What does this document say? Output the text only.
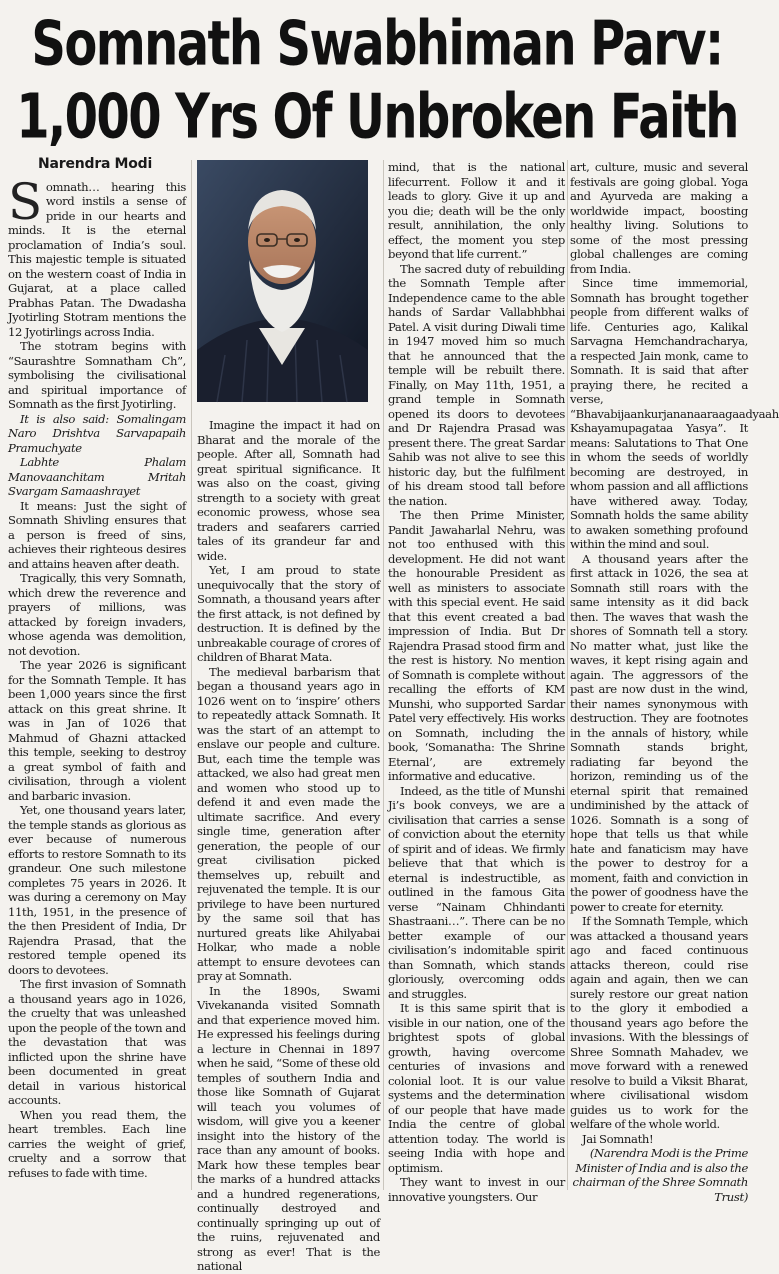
Somnath Swabhiman Parv:
1,000 Yrs Of Unbroken Faith
Narendra Modi

Somnath… hearing this word instils a sense of pride in our hearts and minds. It is the eternal proclamation of India’s soul. This majestic temple is situated on the western coast of India in Gujarat, at a place called Prabhas Patan. The Dwadasha Jyotirling Stotram mentions the 12 Jyotirlings across India.

The stotram begins with “Saurashtre Somnatham Ch”, symbolising the civilisational and spiritual importance of Somnath as the first Jyotirling.

It is also said: Somalingam Naro Drishtva Sarvapapaih Pramuchyate

Labhte Phalam Manovaanchitam Mritah Svargam Samaashrayet

It means: Just the sight of Somnath Shivling ensures that a person is freed of sins, achieves their righteous desires and attains heaven after death.

Tragically, this very Somnath, which drew the reverence and prayers of millions, was attacked by foreign invaders, whose agenda was demolition, not devotion.

The year 2026 is significant for the Somnath Temple. It has been 1,000 years since the first attack on this great shrine. It was in Jan of 1026 that Mahmud of Ghazni attacked this temple, seeking to destroy a great symbol of faith and civilisation, through a violent and barbaric invasion.

Yet, one thousand years later, the temple stands as glorious as ever because of numerous efforts to restore Somnath to its grandeur. One such milestone completes 75 years in 2026. It was during a ceremony on May 11th, 1951, in the presence of the then President of India, Dr Rajendra Prasad, that the restored temple opened its doors to devotees.

The first invasion of Somnath a thousand years ago in 1026, the cruelty that was unleashed upon the people of the town and the devastation that was inflicted upon the shrine have been documented in great detail in various historical accounts.

When you read them, the heart trembles. Each line carries the weight of grief, cruelty and a sorrow that refuses to fade with time.

Imagine the impact it had on Bharat and the morale of the people. After all, Somnath had great spiritual significance. It was also on the coast, giving strength to a society with great economic prowess, whose sea traders and seafarers carried tales of its grandeur far and wide.

Yet, I am proud to state unequivocally that the story of Somnath, a thousand years after the first attack, is not defined by destruction. It is defined by the unbreakable courage of crores of children of Bharat Mata.

The medieval barbarism that began a thousand years ago in 1026 went on to ‘inspire’ others to repeatedly attack Somnath. It was the start of an attempt to enslave our people and culture. But, each time the temple was attacked, we also had great men and women who stood up to defend it and even made the ultimate sacrifice. And every single time, generation after generation, the people of our great civilisation picked themselves up, rebuilt and rejuvenated the temple. It is our privilege to have been nurtured by the same soil that has nurtured greats like Ahilyabai Holkar, who made a noble attempt to ensure devotees can pray at Somnath.

In the 1890s, Swami Vivekananda visited Somnath and that experience moved him. He expressed his feelings during a lecture in Chennai in 1897 when he said, “Some of these old temples of southern India and those like Somnath of Gujarat will teach you volumes of wisdom, will give you a keener insight into the history of the race than any amount of books. Mark how these temples bear the marks of a hundred attacks and a hundred regenerations, continually destroyed and continually springing up out of the ruins, rejuvenated and strong as ever! That is the national

mind, that is the national lifecurrent. Follow it and it leads to glory. Give it up and you die; death will be the only result, annihilation, the only effect, the moment you step beyond that life current.”

The sacred duty of rebuilding the Somnath Temple after Independence came to the able hands of Sardar Vallabhbhai Patel. A visit during Diwali time in 1947 moved him so much that he announced that the temple will be rebuilt there. Finally, on May 11th, 1951, a grand temple in Somnath opened its doors to devotees and Dr Rajendra Prasad was present there. The great Sardar Sahib was not alive to see this historic day, but the fulfilment of his dream stood tall before the nation.

The then Prime Minister, Pandit Jawaharlal Nehru, was not too enthused with this development. He did not want the honourable President as well as ministers to associate with this special event. He said that this event created a bad impression of India. But Dr Rajendra Prasad stood firm and the rest is history. No mention of Somnath is complete without recalling the efforts of KM Munshi, who supported Sardar Patel very effectively. His works on Somnath, including the book, ‘Somanatha: The Shrine Eternal’, are extremely informative and educative.

Indeed, as the title of Munshi Ji’s book conveys, we are a civilisation that carries a sense of conviction about the eternity of spirit and of ideas. We firmly believe that that which is eternal is indestructible, as outlined in the famous Gita verse “Nainam Chhindanti Shastraani…”. There can be no better example of our civilisation’s indomitable spirit than Somnath, which stands gloriously, overcoming odds and struggles.

It is this same spirit that is visible in our nation, one of the brightest spots of global growth, having overcome centuries of invasions and colonial loot. It is our value systems and the determination of our people that have made India the centre of global attention today. The world is seeing India with hope and optimism.

They want to invest in our innovative youngsters. Our

art, culture, music and several festivals are going global. Yoga and Ayurveda are making a worldwide impact, boosting healthy living. Solutions to some of the most pressing global challenges are coming from India.

Since time immemorial, Somnath has brought together people from different walks of life. Centuries ago, Kalikal Sarvagna Hemchandracharya, a respected Jain monk, came to Somnath. It is said that after praying there, he recited a verse, “Bhavabijaankurjananaaraagaadyaah Kshayamupagataa Yasya”. It means: Salutations to That One in whom the seeds of worldly becoming are destroyed, in whom passion and all afflictions have withered away. Today, Somnath holds the same ability to awaken something profound within the mind and soul.

A thousand years after the first attack in 1026, the sea at Somnath still roars with the same intensity as it did back then. The waves that wash the shores of Somnath tell a story. No matter what, just like the waves, it kept rising again and again. The aggressors of the past are now dust in the wind, their names synonymous with destruction. They are footnotes in the annals of history, while Somnath stands bright, radiating far beyond the horizon, reminding us of the eternal spirit that remained undiminished by the attack of 1026. Somnath is a song of hope that tells us that while hate and fanaticism may have the power to destroy for a moment, faith and conviction in the power of goodness have the power to create for eternity.

If the Somnath Temple, which was attacked a thousand years ago and faced continuous attacks thereon, could rise again and again, then we can surely restore our great nation to the glory it embodied a thousand years ago before the invasions. With the blessings of Shree Somnath Mahadev, we move forward with a renewed resolve to build a Viksit Bharat, where civilisational wisdom guides us to work for the welfare of the whole world.

Jai Somnath!

(Narendra Modi is the Prime Minister of India and is also the chairman of the Shree Somnath Trust)
